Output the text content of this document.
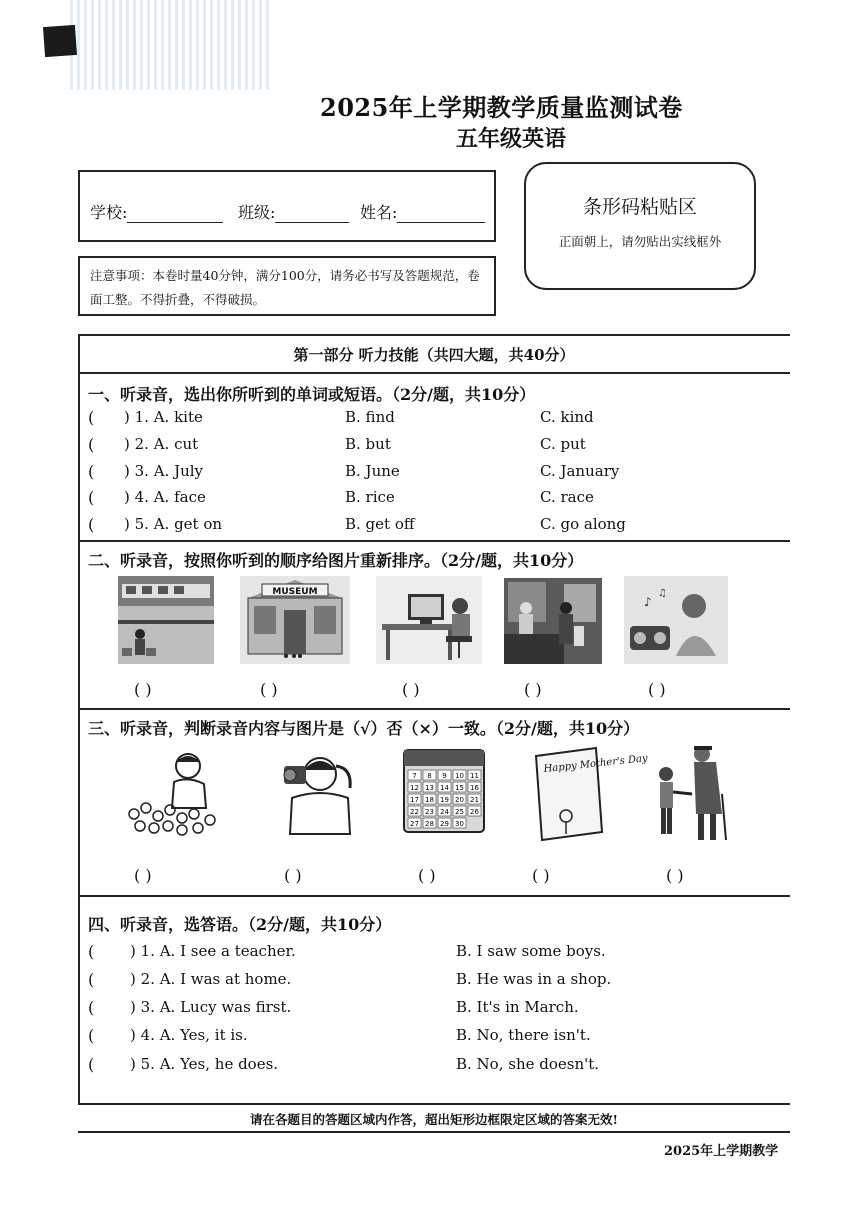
2025年上学期教学质量监测试卷
五年级英语
学校:	班级:	姓名:
注意事项：本卷时量40分钟，满分100分，请务必书写及答题规范，卷面工整。不得折叠，不得破损。
条形码粘贴区
正面朝上，请勿贴出实线框外
第一部分 听力技能（共四大题，共40分）
一、听录音，选出你所听到的单词或短语。（2分/题，共10分）
( ) 1. A. kite	B. find	C. kind
( ) 2. A. cut	B. but	C. put
( ) 3. A. July	B. June	C. January
( ) 4. A. face	B. rice	C. race
( ) 5. A. get on	B. get off	C. go along
二、听录音，按照你听到的顺序给图片重新排序。（2分/题，共10分）
MUSEUM
♪
♫
( )	( )	( )	( )	( )
三、听录音，判断录音内容与图片是（√）否（×）一致。（2分/题，共10分）
7 8 9 10 11
12 13 14 15 16
17 18 19 20 21
22 23 24 25 26
27 28 29 30
Happy Mother's Day
( )	( )	( )	( )	( )
四、听录音，选答语。（2分/题，共10分）
( ) 1. A. I see a teacher.	B. I saw some boys.
( ) 2. A. I was at home.	B. He was in a shop.
( ) 3. A. Lucy was first.	B. It's in March.
( ) 4. A. Yes, it is.	B. No, there isn't.
( ) 5. A. Yes, he does.	B. No, she doesn't.
请在各题目的答题区域内作答，超出矩形边框限定区域的答案无效!
2025年上学期教学
